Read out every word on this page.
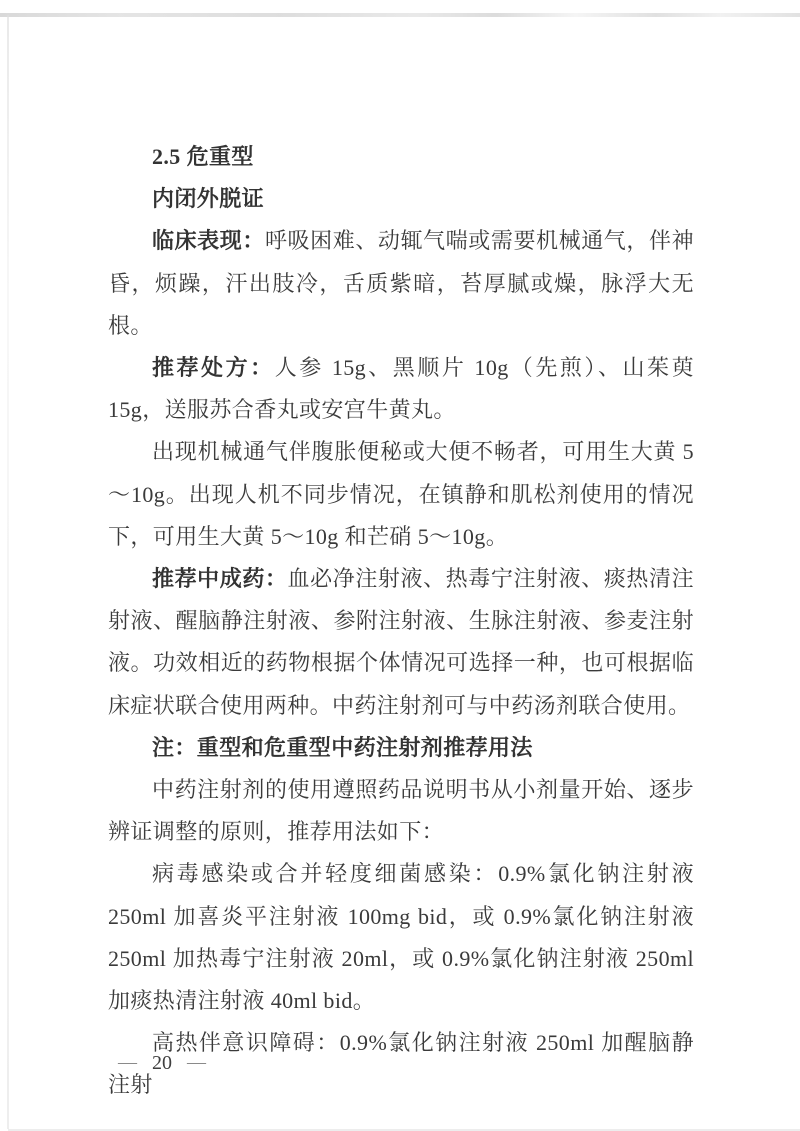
2.5 危重型

内闭外脱证

临床表现：呼吸困难、动辄气喘或需要机械通气，伴神昏，烦躁，汗出肢冷，舌质紫暗，苔厚腻或燥，脉浮大无根。

推荐处方：人参 15g、黑顺片 10g（先煎）、山茱萸 15g，送服苏合香丸或安宫牛黄丸。

出现机械通气伴腹胀便秘或大便不畅者，可用生大黄 5～10g。出现人机不同步情况，在镇静和肌松剂使用的情况下，可用生大黄 5～10g 和芒硝 5～10g。

推荐中成药：血必净注射液、热毒宁注射液、痰热清注射液、醒脑静注射液、参附注射液、生脉注射液、参麦注射液。功效相近的药物根据个体情况可选择一种，也可根据临床症状联合使用两种。中药注射剂可与中药汤剂联合使用。

注：重型和危重型中药注射剂推荐用法

中药注射剂的使用遵照药品说明书从小剂量开始、逐步辨证调整的原则，推荐用法如下：

病毒感染或合并轻度细菌感染：0.9%氯化钠注射液 250ml 加喜炎平注射液 100mg bid，或 0.9%氯化钠注射液 250ml 加热毒宁注射液 20ml，或 0.9%氯化钠注射液 250ml 加痰热清注射液 40ml bid。

高热伴意识障碍：0.9%氯化钠注射液 250ml 加醒脑静注射

— 20 —
